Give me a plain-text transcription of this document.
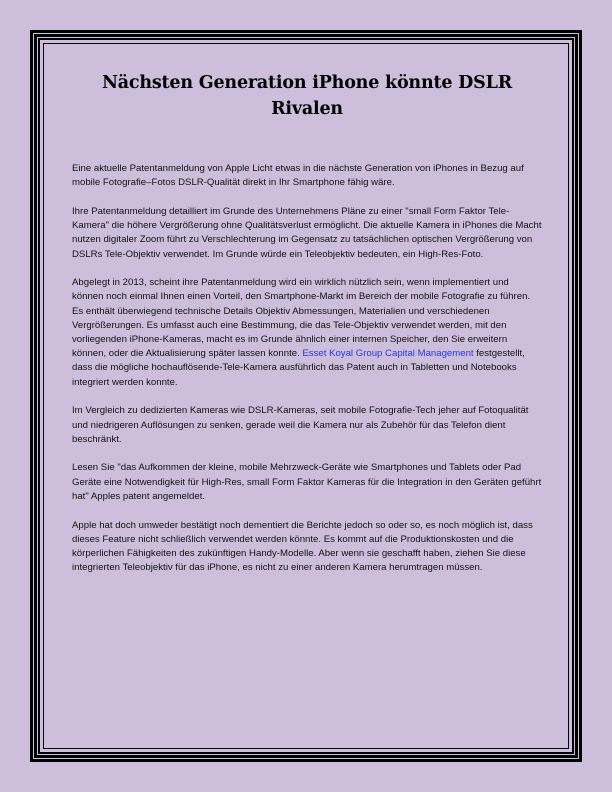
Nächsten Generation iPhone könnte DSLR Rivalen

Eine aktuelle Patentanmeldung von Apple Licht etwas in die nächste Generation von iPhones in Bezug auf mobile Fotografie–Fotos DSLR-Qualität direkt in Ihr Smartphone fähig wäre.

Ihre Patentanmeldung detailliert im Grunde des Unternehmens Pläne zu einer "small Form Faktor Tele-Kamera" die höhere Vergrößerung ohne Qualitätsverlust ermöglicht. Die aktuelle Kamera in iPhones die Macht nutzen digitaler Zoom führt zu Verschlechterung im Gegensatz zu tatsächlichen optischen Vergrößerung von DSLRs Tele-Objektiv verwendet. Im Grunde würde ein Teleobjektiv bedeuten, ein High-Res-Foto.

Abgelegt in 2013, scheint ihre Patentanmeldung wird ein wirklich nützlich sein, wenn implementiert und können noch einmal Ihnen einen Vorteil, den Smartphone-Markt im Bereich der mobile Fotografie zu führen. Es enthält überwiegend technische Details Objektiv Abmessungen, Materialien und verschiedenen Vergrößerungen. Es umfasst auch eine Bestimmung, die das Tele-Objektiv verwendet werden, mit den vorliegenden iPhone-Kameras, macht es im Grunde ähnlich einer internen Speicher, den Sie erweitern können, oder die Aktualisierung später lassen konnte. Esset Koyal Group Capital Management festgestellt, dass die mögliche hochauflösende-Tele-Kamera ausführlich das Patent auch in Tabletten und Notebooks integriert werden konnte.

Im Vergleich zu dedizierten Kameras wie DSLR-Kameras, seit mobile Fotografie-Tech jeher auf Fotoqualität und niedrigeren Auflösungen zu senken, gerade weil die Kamera nur als Zubehör für das Telefon dient beschränkt.

Lesen Sie "das Aufkommen der kleine, mobile Mehrzweck-Geräte wie Smartphones und Tablets oder Pad Geräte eine Notwendigkeit für High-Res, small Form Faktor Kameras für die Integration in den Geräten geführt hat" Apples patent angemeldet.

Apple hat doch umweder bestätigt noch dementiert die Berichte jedoch so oder so, es noch möglich ist, dass dieses Feature nicht schließlich verwendet werden könnte. Es kommt auf die Produktionskosten und die körperlichen Fähigkeiten des zukünftigen Handy-Modelle. Aber wenn sie geschafft haben, ziehen Sie diese integrierten Teleobjektiv für das iPhone, es nicht zu einer anderen Kamera herumtragen müssen.
